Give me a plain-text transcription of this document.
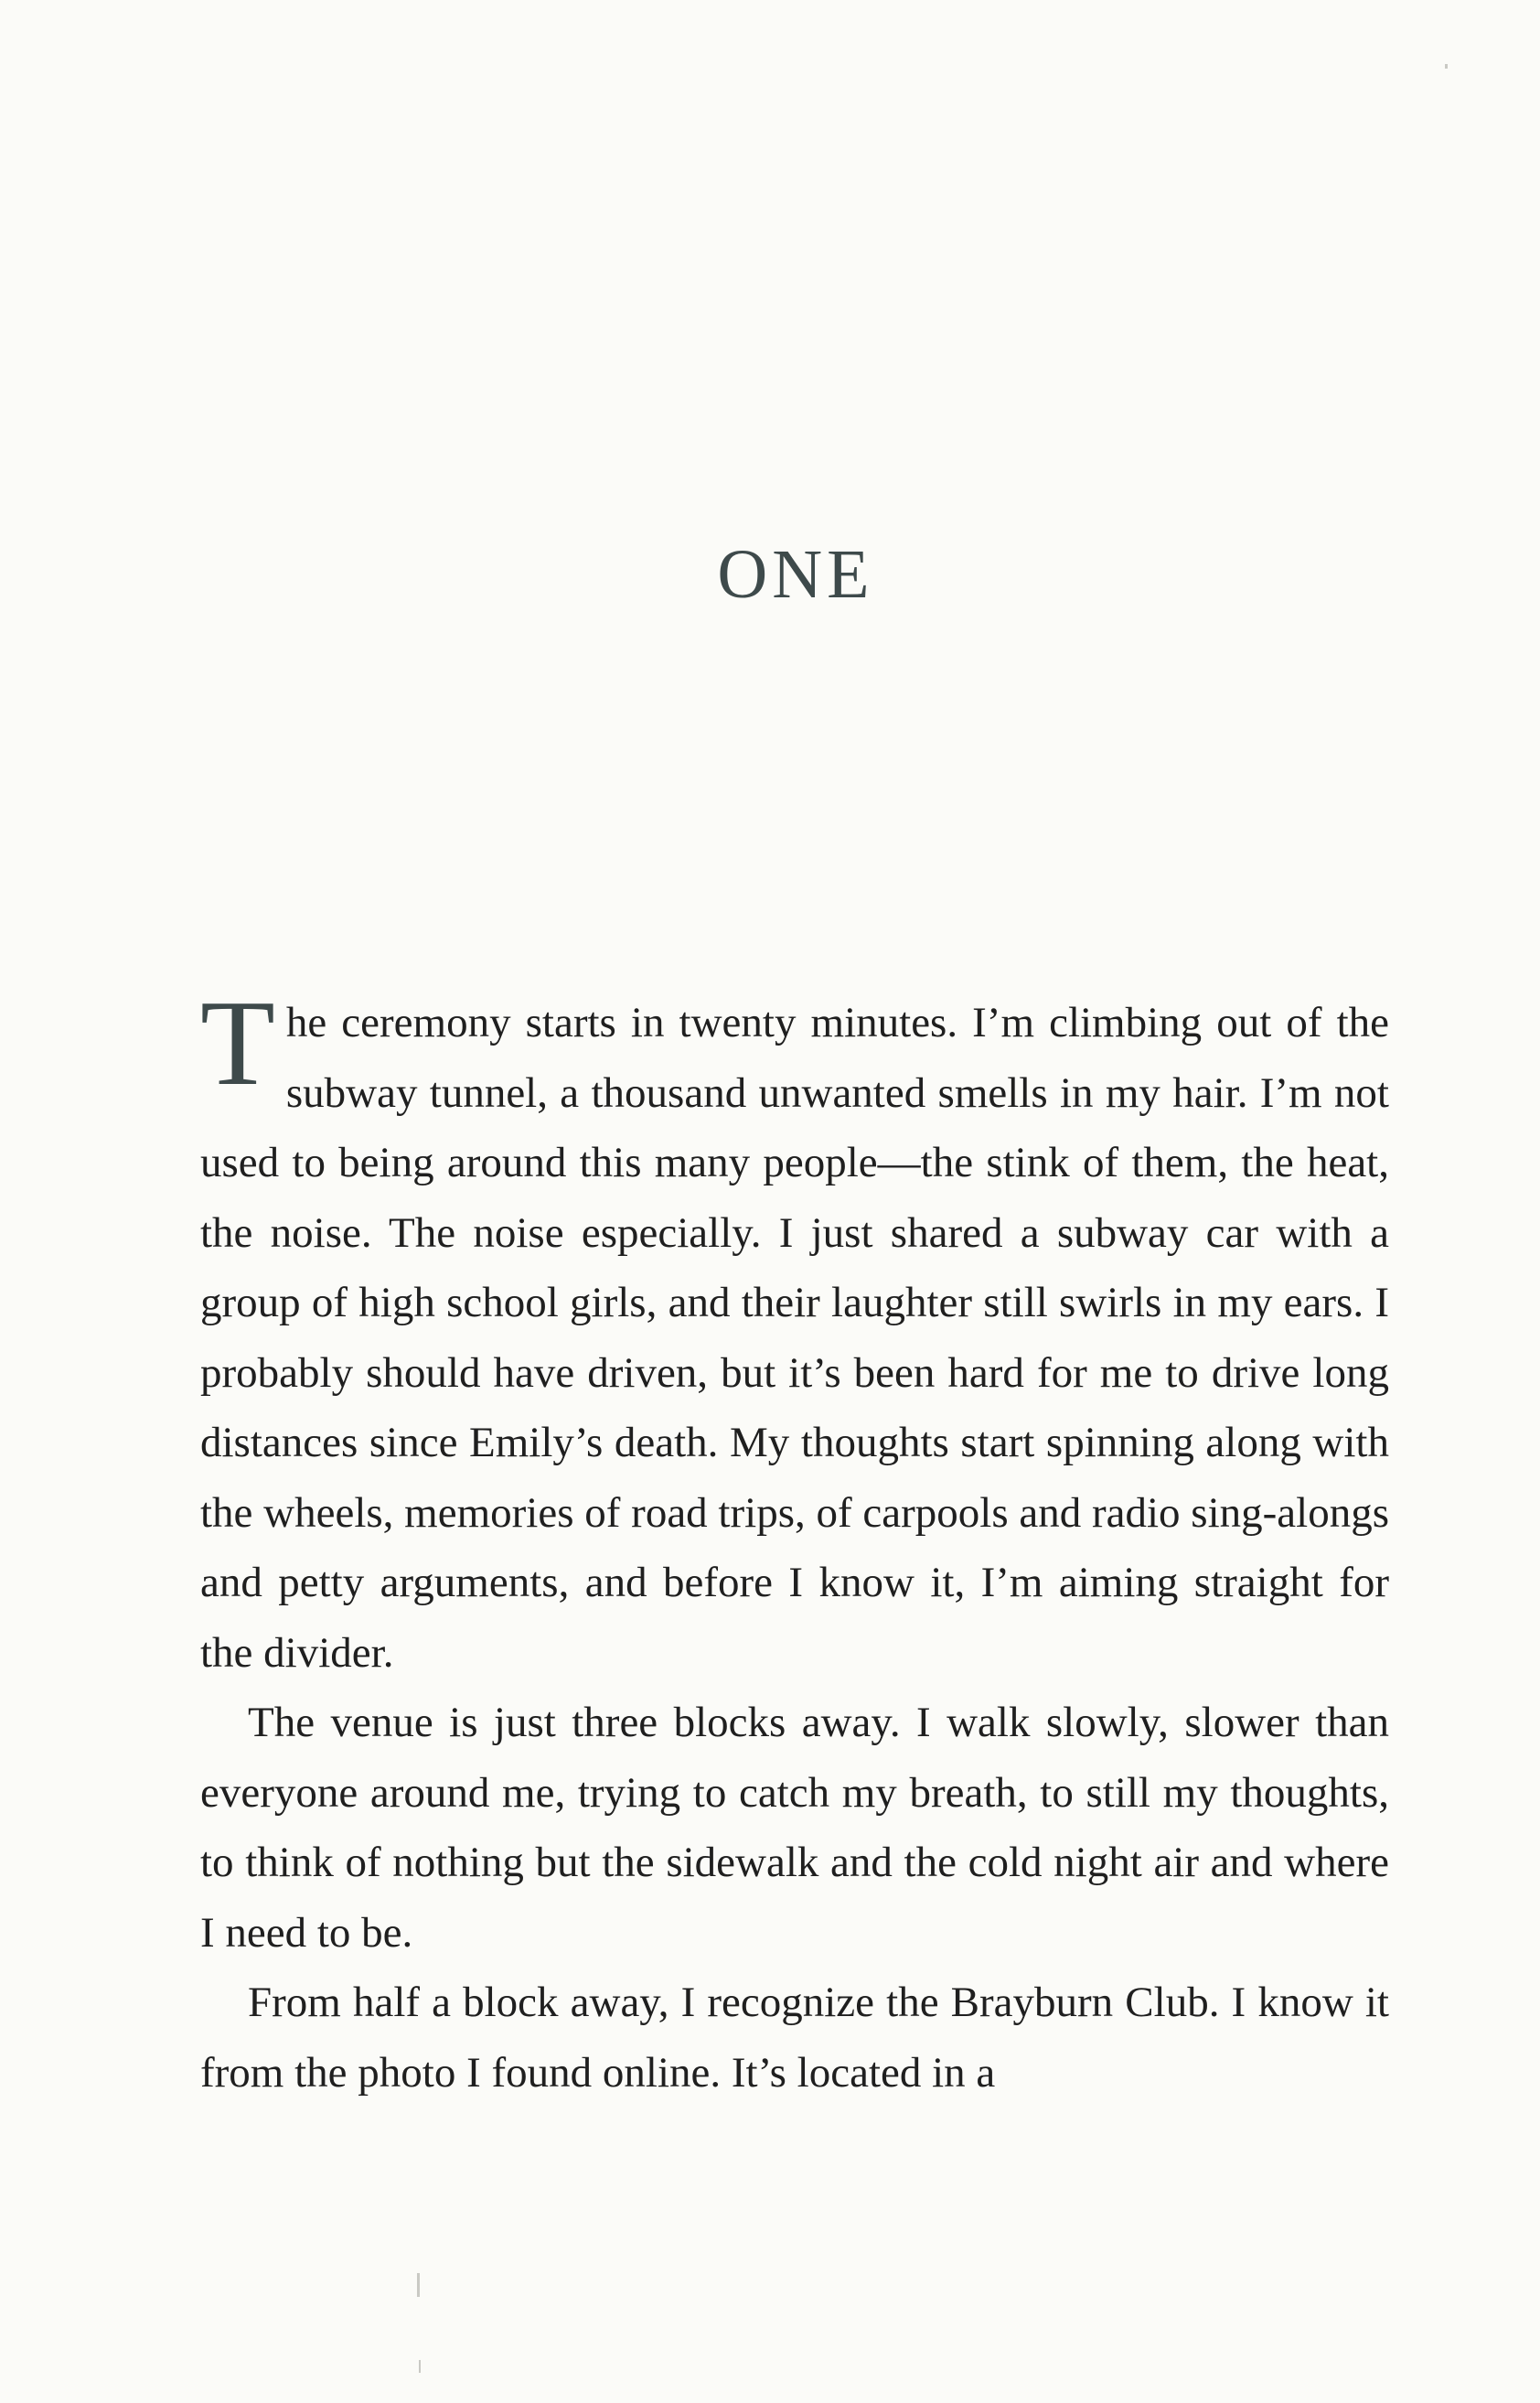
ONE

The ceremony starts in twenty minutes. I’m climbing out of the subway tunnel, a thousand unwanted smells in my hair. I’m not used to being around this many people—the stink of them, the heat, the noise. The noise especially. I just shared a subway car with a group of high school girls, and their laughter still swirls in my ears. I probably should have driven, but it’s been hard for me to drive long distances since Emily’s death. My thoughts start spinning along with the wheels, memories of road trips, of carpools and radio sing-alongs and petty arguments, and before I know it, I’m aiming straight for the divider.

The venue is just three blocks away. I walk slowly, slower than everyone around me, trying to catch my breath, to still my thoughts, to think of nothing but the sidewalk and the cold night air and where I need to be.

From half a block away, I recognize the Brayburn Club. I know it from the photo I found online. It’s located in a
